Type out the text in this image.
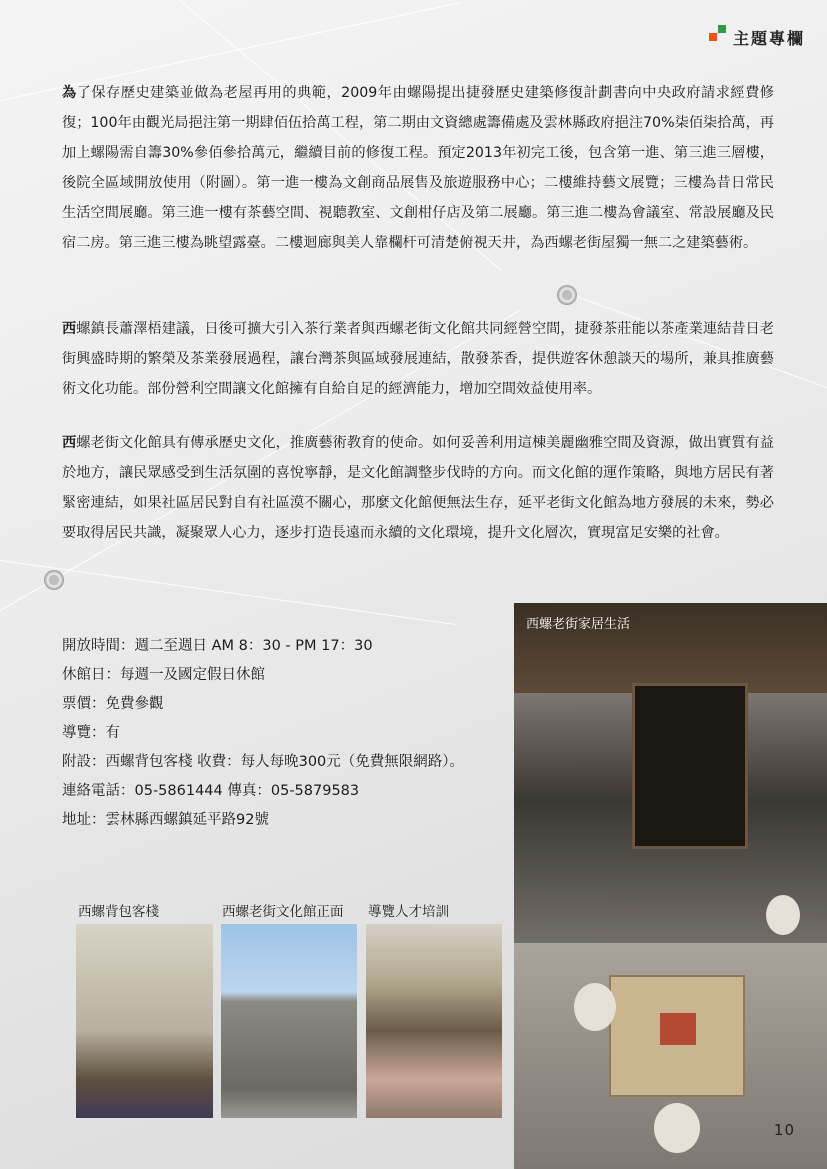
主題專欄

為了保存歷史建築並做為老屋再用的典範，2009年由螺陽提出捷發歷史建築修復計劃書向中央政府請求經費修復；100年由觀光局挹注第一期肆佰伍拾萬工程，第二期由文資總處籌備處及雲林縣政府挹注70%柒佰柒拾萬，再加上螺陽需自籌30%參佰參拾萬元，繼續目前的修復工程。預定2013年初完工後，包含第一進、第三進三層樓，後院全區域開放使用（附圖）。第一進一樓為文創商品展售及旅遊服務中心；二樓維持藝文展覽；三樓為昔日常民生活空間展廳。第三進一樓有茶藝空間、視聽教室、文創柑仔店及第二展廳。第三進二樓為會議室、常設展廳及民宿二房。第三進三樓為眺望露臺。二樓迴廊與美人靠欄杆可清楚俯視天井，為西螺老街屋獨一無二之建築藝術。

西螺鎮長蕭澤梧建議，日後可擴大引入茶行業者與西螺老街文化館共同經營空間，捷發茶莊能以茶產業連結昔日老街興盛時期的繁榮及茶業發展過程，讓台灣茶與區域發展連結，散發茶香，提供遊客休憩談天的場所，兼具推廣藝術文化功能。部份營利空間讓文化館擁有自給自足的經濟能力，增加空間效益使用率。

西螺老街文化館具有傳承歷史文化，推廣藝術教育的使命。如何妥善利用這棟美麗幽雅空間及資源，做出實質有益於地方，讓民眾感受到生活氛圍的喜悅寧靜，是文化館調整步伐時的方向。而文化館的運作策略，與地方居民有著緊密連結，如果社區居民對自有社區漠不關心，那麼文化館便無法生存，延平老街文化館為地方發展的未來，勢必要取得居民共識，凝聚眾人心力，逐步打造長遠而永續的文化環境，提升文化層次，實現富足安樂的社會。

開放時間：週二至週日 AM 8：30 - PM 17：30
休館日：每週一及國定假日休館
票價：免費參觀
導覽：有
附設：西螺背包客棧 收費：每人每晚300元（免費無限網路）。
連絡電話：05-5861444 傳真：05-5879583
地址：雲林縣西螺鎮延平路92號
西螺老街家居生活
西螺背包客棧	西螺老街文化館正面 導覽人才培訓
10
